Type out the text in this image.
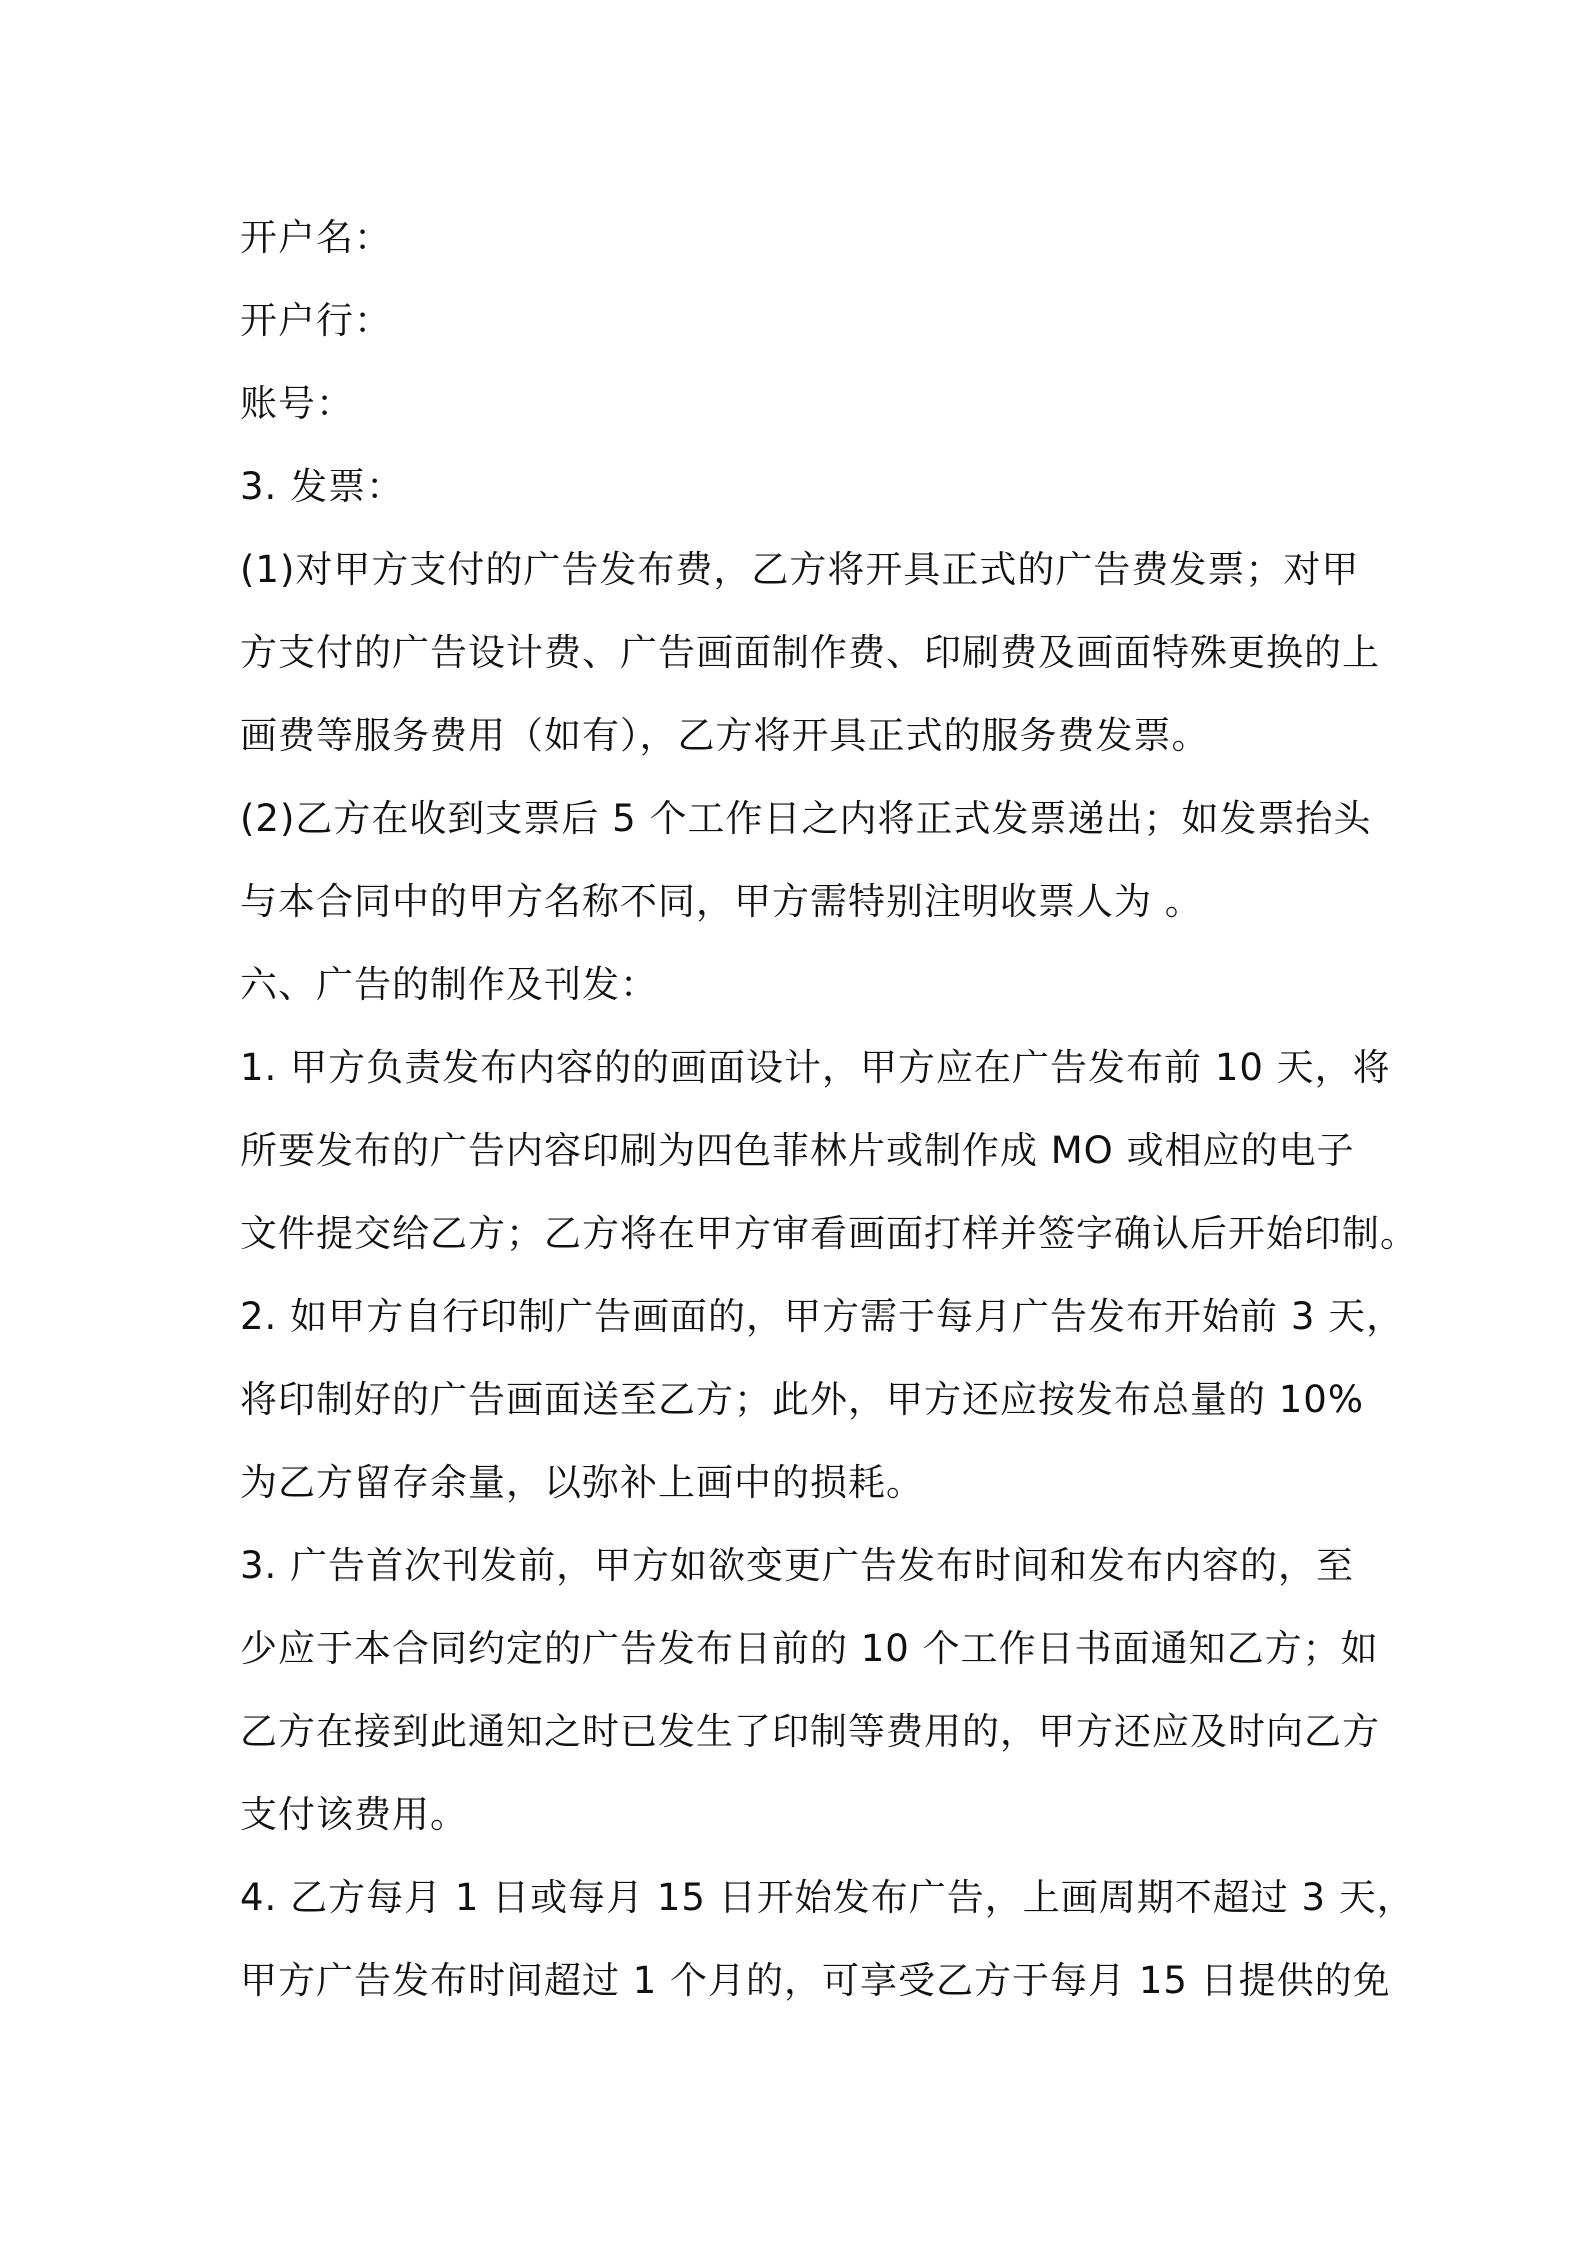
开户名：
开户行：
账号：
3. 发票：
(1)对甲方支付的广告发布费，乙方将开具正式的广告费发票；对甲
方支付的广告设计费、广告画面制作费、印刷费及画面特殊更换的上
画费等服务费用（如有），乙方将开具正式的服务费发票。
(2)乙方在收到支票后 5 个工作日之内将正式发票递出；如发票抬头
与本合同中的甲方名称不同，甲方需特别注明收票人为 。
六、广告的制作及刊发：
1. 甲方负责发布内容的的画面设计，甲方应在广告发布前 10 天，将
所要发布的广告内容印刷为四色菲林片或制作成 MO 或相应的电子
文件提交给乙方；乙方将在甲方审看画面打样并签字确认后开始印制。
2. 如甲方自行印制广告画面的，甲方需于每月广告发布开始前 3 天，
将印制好的广告画面送至乙方；此外，甲方还应按发布总量的 10%
为乙方留存余量，以弥补上画中的损耗。
3. 广告首次刊发前，甲方如欲变更广告发布时间和发布内容的，至
少应于本合同约定的广告发布日前的 10 个工作日书面通知乙方；如
乙方在接到此通知之时已发生了印制等费用的，甲方还应及时向乙方
支付该费用。
4. 乙方每月 1 日或每月 15 日开始发布广告，上画周期不超过 3 天，
甲方广告发布时间超过 1 个月的，可享受乙方于每月 15 日提供的免
